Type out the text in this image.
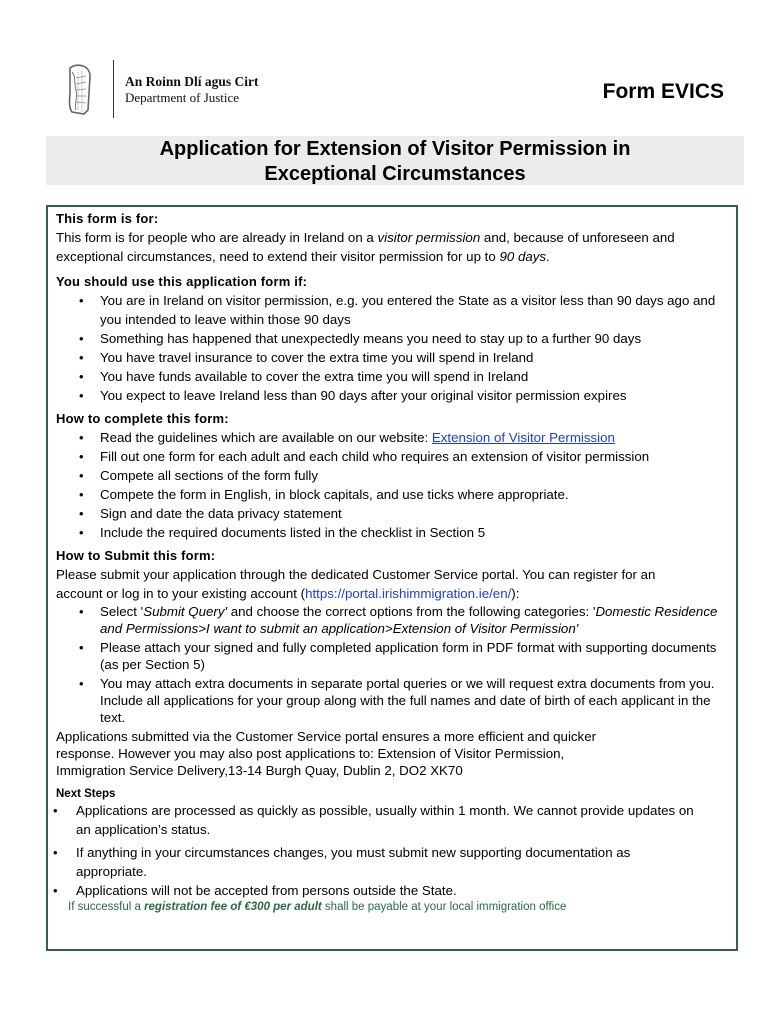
An Roinn Dlí agus Cirt
Department of Justice	Form EVICS
Application for Extension of Visitor Permission in
Exceptional Circumstances
This form is for:

This form is for people who are already in Ireland on a visitor permission and, because of unforeseen and exceptional circumstances, need to extend their visitor permission for up to 90 days.

You should use this application form if:
• You are in Ireland on visitor permission, e.g. you entered the State as a visitor less than 90 days ago and you intended to leave within those 90 days
• Something has happened that unexpectedly means you need to stay up to a further 90 days
• You have travel insurance to cover the extra time you will spend in Ireland
• You have funds available to cover the extra time you will spend in Ireland
• You expect to leave Ireland less than 90 days after your original visitor permission expires
How to complete this form:
• Read the guidelines which are available on our website: Extension of Visitor Permission
• Fill out one form for each adult and each child who requires an extension of visitor permission
• Compete all sections of the form fully
• Compete the form in English, in block capitals, and use ticks where appropriate.
• Sign and date the data privacy statement
• Include the required documents listed in the checklist in Section 5
How to Submit this form:

Please submit your application through the dedicated Customer Service portal. You can register for an account or log in to your existing account (https://portal.irishimmigration.ie/en/):

• Select 'Submit Query' and choose the correct options from the following categories: 'Domestic Residence and Permissions>I want to submit an application>Extension of Visitor Permission'
• Please attach your signed and fully completed application form in PDF format with supporting documents (as per Section 5)
• You may attach extra documents in separate portal queries or we will request extra documents from you. Include all applications for your group along with the full names and date of birth of each applicant in the text.

Applications submitted via the Customer Service portal ensures a more efficient and quicker response. However you may also post applications to: Extension of Visitor Permission, Immigration Service Delivery,13-14 Burgh Quay, Dublin 2, DO2 XK70

Next Steps
• Applications are processed as quickly as possible, usually within 1 month. We cannot provide updates on an application’s status.
• If anything in your circumstances changes, you must submit new supporting documentation as appropriate.
• Applications will not be accepted from persons outside the State.
If successful a registration fee of €300 per adult shall be payable at your local immigration office
